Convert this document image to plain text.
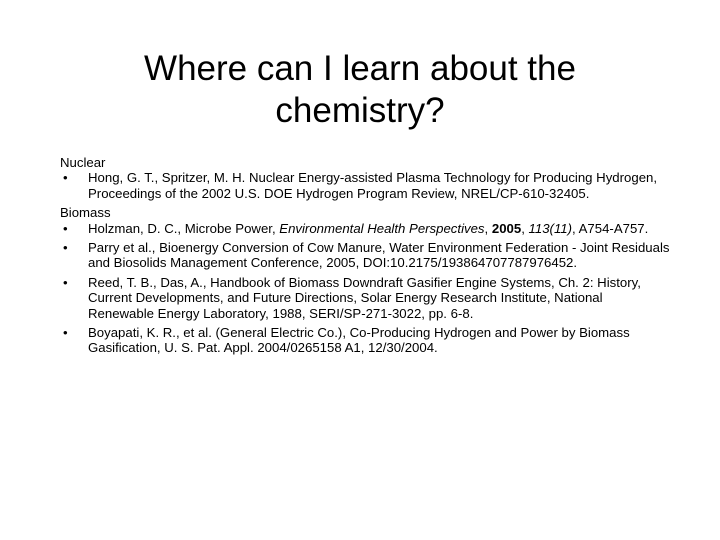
Where can I learn about the chemistry?

Nuclear

• Hong, G. T., Spritzer, M. H. Nuclear Energy-assisted Plasma Technology for Producing Hydrogen, Proceedings of the 2002 U.S. DOE Hydrogen Program Review, NREL/CP-610-32405.

Biomass

• Holzman, D. C., Microbe Power, Environmental Health Perspectives, 2005, 113(11), A754-A757.

• Parry et al., Bioenergy Conversion of Cow Manure, Water Environment Federation - Joint Residuals and Biosolids Management Conference, 2005, DOI:10.2175/193864707787976452.

• Reed, T. B., Das, A., Handbook of Biomass Downdraft Gasifier Engine Systems, Ch. 2: History, Current Developments, and Future Directions, Solar Energy Research Institute, National Renewable Energy Laboratory, 1988, SERI/SP-271-3022, pp. 6-8.

• Boyapati, K. R., et al. (General Electric Co.), Co-Producing Hydrogen and Power by Biomass Gasification, U. S. Pat. Appl. 2004/0265158 A1, 12/30/2004.
